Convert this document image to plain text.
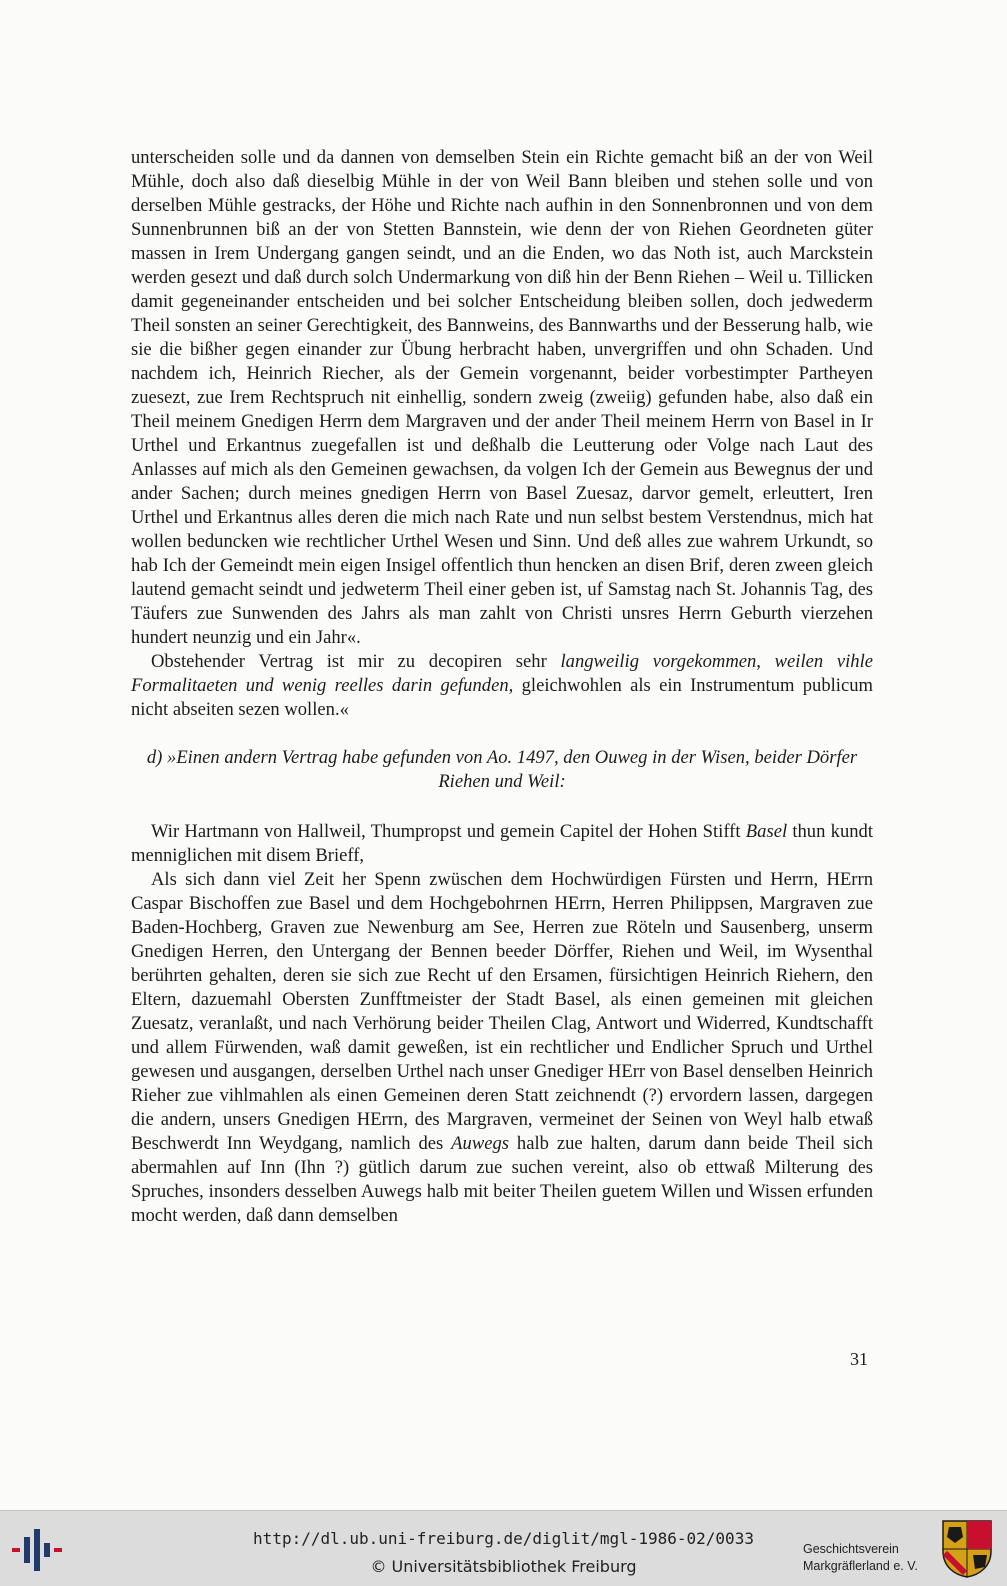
unterscheiden solle und da dannen von demselben Stein ein Richte gemacht biß an der von Weil Mühle, doch also daß dieselbig Mühle in der von Weil Bann bleiben und stehen solle und von derselben Mühle gestracks, der Höhe und Richte nach aufhin in den Sonnenbronnen und von dem Sunnenbrunnen biß an der von Stetten Bannstein, wie denn der von Riehen Geordneten güter massen in Irem Undergang gangen seindt, und an die Enden, wo das Noth ist, auch Marckstein werden gesezt und daß durch solch Undermarkung von diß hin der Benn Riehen – Weil u. Tillicken damit gegeneinander entscheiden und bei solcher Entscheidung bleiben sollen, doch jedwederm Theil sonsten an seiner Gerechtigkeit, des Bannweins, des Bannwarths und der Besserung halb, wie sie die bißher gegen einander zur Übung herbracht haben, unvergriffen und ohn Schaden. Und nachdem ich, Heinrich Riecher, als der Gemein vorgenannt, beider vorbestimpter Partheyen zuesezt, zue Irem Rechtspruch nit einhellig, sondern zweig (zweiig) gefunden habe, also daß ein Theil meinem Gnedigen Herrn dem Margraven und der ander Theil meinem Herrn von Basel in Ir Urthel und Erkantnus zuegefallen ist und deßhalb die Leutterung oder Volge nach Laut des Anlasses auf mich als den Gemeinen gewachsen, da volgen Ich der Gemein aus Bewegnus der und ander Sachen; durch meines gnedigen Herrn von Basel Zuesaz, darvor gemelt, erleuttert, Iren Urthel und Erkantnus alles deren die mich nach Rate und nun selbst bestem Verstendnus, mich hat wollen beduncken wie rechtlicher Urthel Wesen und Sinn. Und deß alles zue wahrem Urkundt, so hab Ich der Gemeindt mein eigen Insigel offentlich thun hencken an disen Brif, deren zween gleich lautend gemacht seindt und jedweterm Theil einer geben ist, uf Samstag nach St. Johannis Tag, des Täufers zue Sunwenden des Jahrs als man zahlt von Christi unsres Herrn Geburth vierzehen hundert neunzig und ein Jahr«.

Obstehender Vertrag ist mir zu decopiren sehr langweilig vorgekommen, weilen vihle Formalitaeten und wenig reelles darin gefunden, gleichwohlen als ein Instrumentum publicum nicht abseiten sezen wollen.«

d) »Einen andern Vertrag habe gefunden von Ao. 1497, den Ouweg in der Wisen, beider Dörfer Riehen und Weil:

Wir Hartmann von Hallweil, Thumpropst und gemein Capitel der Hohen Stifft Basel thun kundt menniglichen mit disem Brieff,

Als sich dann viel Zeit her Spenn zwüschen dem Hochwürdigen Fürsten und Herrn, HErrn Caspar Bischoffen zue Basel und dem Hochgebohrnen HErrn, Herren Philippsen, Margraven zue Baden-Hochberg, Graven zue Newenburg am See, Herren zue Röteln und Sausenberg, unserm Gnedigen Herren, den Untergang der Bennen beeder Dörffer, Riehen und Weil, im Wysenthal berührten gehalten, deren sie sich zue Recht uf den Ersamen, fürsichtigen Heinrich Riehern, den Eltern, dazuemahl Obersten Zunfftmeister der Stadt Basel, als einen gemeinen mit gleichen Zuesatz, veranlaßt, und nach Verhörung beider Theilen Clag, Antwort und Widerred, Kundtschafft und allem Fürwenden, waß damit geweßen, ist ein rechtlicher und Endlicher Spruch und Urthel gewesen und ausgangen, derselben Urthel nach unser Gnediger HErr von Basel denselben Heinrich Rieher zue vihlmahlen als einen Gemeinen deren Statt zeichnendt (?) ervordern lassen, dargegen die andern, unsers Gnedigen HErrn, des Margraven, vermeinet der Seinen von Weyl halb etwaß Beschwerdt Inn Weydgang, namlich des Auwegs halb zue halten, darum dann beide Theil sich abermahlen auf Inn (Ihn ?) gütlich darum zue suchen vereint, also ob ettwaß Milterung des Spruches, insonders desselben Auwegs halb mit beiter Theilen guetem Willen und Wissen erfunden mocht werden, daß dann demselben

31
http://dl.ub.uni-freiburg.de/diglit/mgl-1986-02/0033
© Universitätsbibliothek Freiburg
Geschichtsverein
Markgräflerland e. V.
